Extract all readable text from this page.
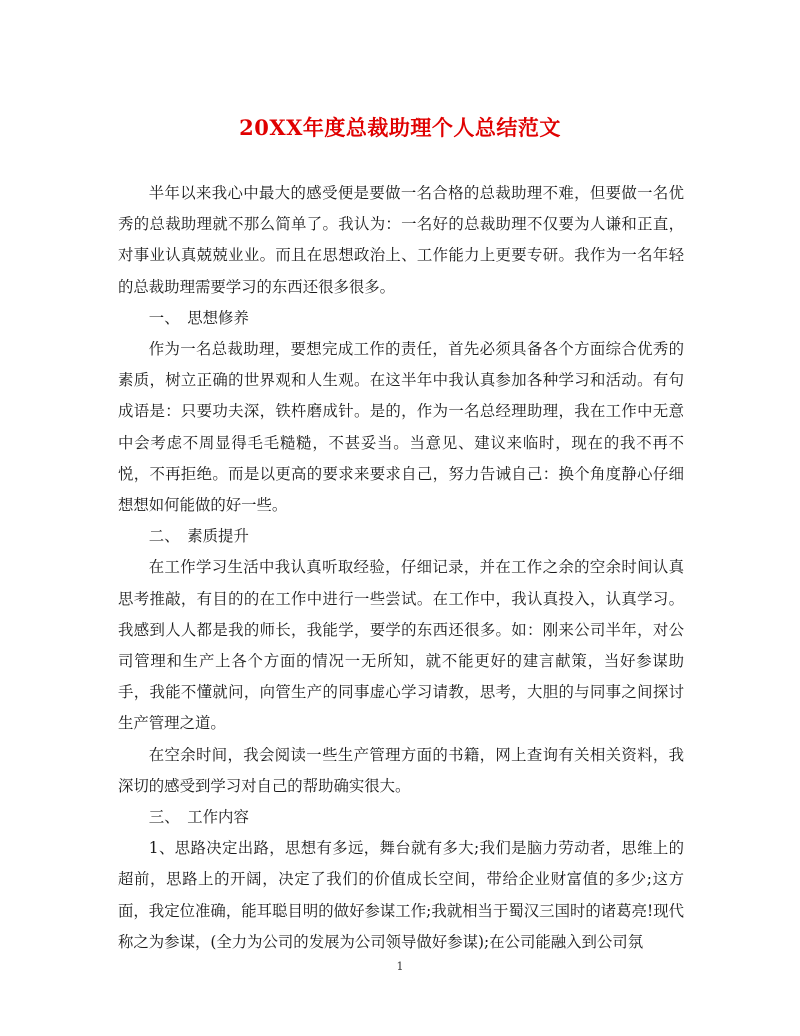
20XX年度总裁助理个人总结范文

半年以来我心中最大的感受便是要做一名合格的总裁助理不难，但要做一名优秀的总裁助理就不那么简单了。我认为：一名好的总裁助理不仅要为人谦和正直，对事业认真兢兢业业。而且在思想政治上、工作能力上更要专研。我作为一名年轻的总裁助理需要学习的东西还很多很多。

一、　思想修养

作为一名总裁助理，要想完成工作的责任，首先必须具备各个方面综合优秀的素质，树立正确的世界观和人生观。在这半年中我认真参加各种学习和活动。有句成语是：只要功夫深，铁杵磨成针。是的，作为一名总经理助理，我在工作中无意中会考虑不周显得毛毛糙糙，不甚妥当。当意见、建议来临时，现在的我不再不悦，不再拒绝。而是以更高的要求来要求自己，努力告诫自己：换个角度静心仔细想想如何能做的好一些。

二、　素质提升

在工作学习生活中我认真听取经验，仔细记录，并在工作之余的空余时间认真思考推敲，有目的的在工作中进行一些尝试。在工作中，我认真投入，认真学习。我感到人人都是我的师长，我能学，要学的东西还很多。如：刚来公司半年，对公司管理和生产上各个方面的情况一无所知，就不能更好的建言献策，当好参谋助手，我能不懂就问，向管生产的同事虚心学习请教，思考，大胆的与同事之间探讨生产管理之道。

在空余时间，我会阅读一些生产管理方面的书籍，网上查询有关相关资料，我深切的感受到学习对自己的帮助确实很大。

三、　工作内容

1、思路决定出路，思想有多远，舞台就有多大;我们是脑力劳动者，思维上的超前，思路上的开阔，决定了我们的价值成长空间，带给企业财富值的多少;这方面，我定位准确，能耳聪目明的做好参谋工作;我就相当于蜀汉三国时的诸葛亮!现代称之为参谋，(全力为公司的发展为公司领导做好参谋);在公司能融入到公司氛

1
